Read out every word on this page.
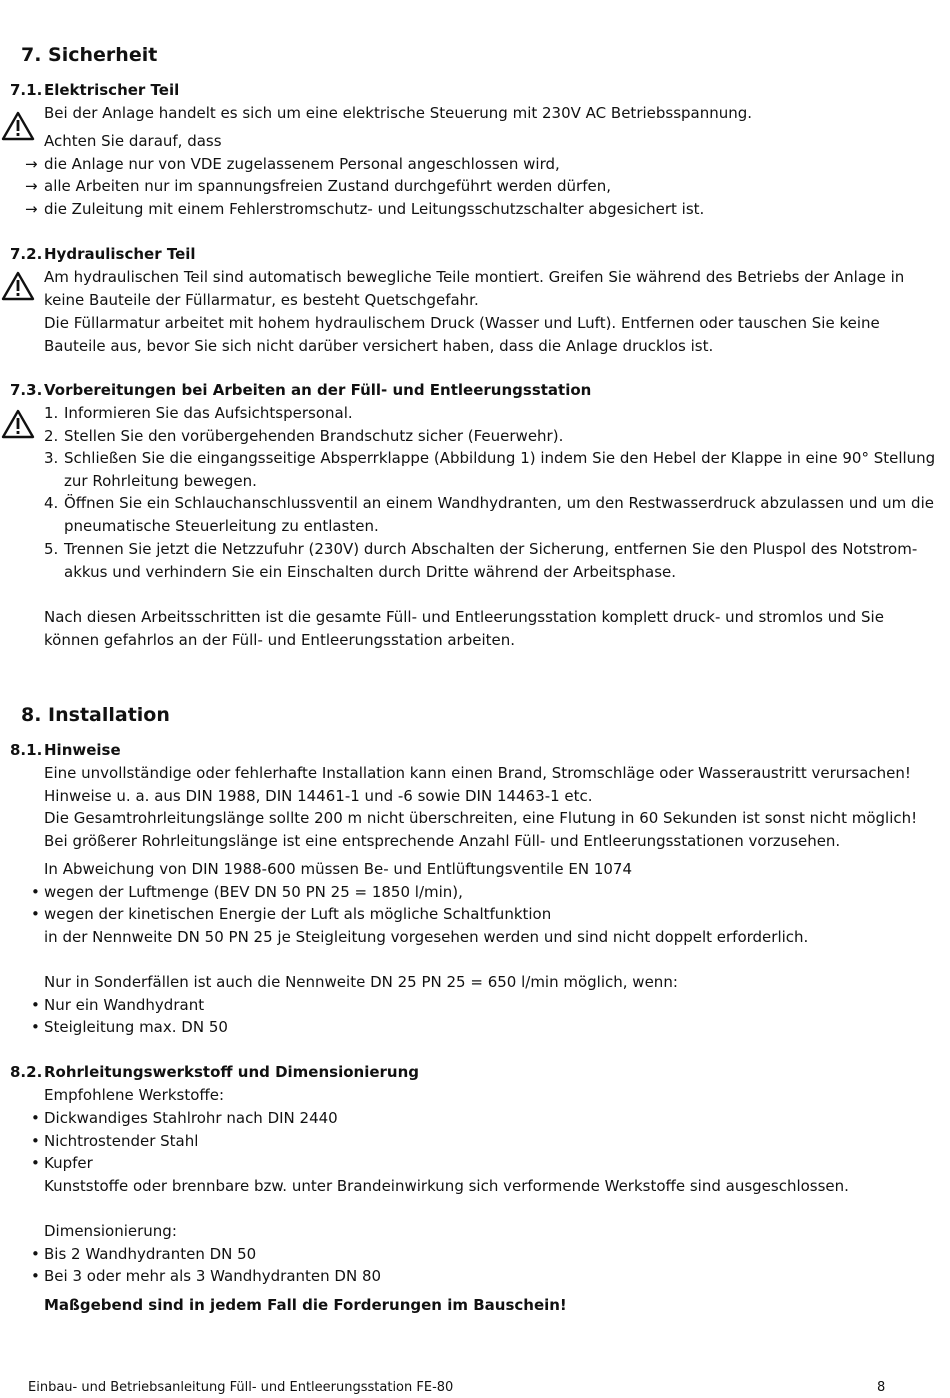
7. Sicherheit
7.1. Elektrischer Teil
Bei der Anlage handelt es sich um eine elektrische Steuerung mit 230V AC Betriebsspannung.
Achten Sie darauf, dass
→ die Anlage nur von VDE zugelassenem Personal angeschlossen wird,
→ alle Arbeiten nur im spannungsfreien Zustand durchgeführt werden dürfen,
→ die Zuleitung mit einem Fehlerstromschutz- und Leitungsschutzschalter abgesichert ist.
7.2. Hydraulischer Teil
Am hydraulischen Teil sind automatisch bewegliche Teile montiert. Greifen Sie während des Betriebs der Anlage in
keine Bauteile der Füllarmatur, es besteht Quetschgefahr.
Die Füllarmatur arbeitet mit hohem hydraulischem Druck (Wasser und Luft). Entfernen oder tauschen Sie keine
Bauteile aus, bevor Sie sich nicht darüber versichert haben, dass die Anlage drucklos ist.
7.3. Vorbereitungen bei Arbeiten an der Füll- und Entleerungsstation
1. Informieren Sie das Aufsichtspersonal.
2. Stellen Sie den vorübergehenden Brandschutz sicher (Feuerwehr).
3. Schließen Sie die eingangsseitige Absperrklappe (Abbildung 1) indem Sie den Hebel der Klappe in eine 90° Stellung
zur Rohrleitung bewegen.
4. Öffnen Sie ein Schlauchanschlussventil an einem Wandhydranten, um den Restwasserdruck abzulassen und um die
pneumatische Steuerleitung zu entlasten.
5. Trennen Sie jetzt die Netzzufuhr (230V) durch Abschalten der Sicherung, entfernen Sie den Pluspol des Notstrom-
akkus und verhindern Sie ein Einschalten durch Dritte während der Arbeitsphase.
Nach diesen Arbeitsschritten ist die gesamte Füll- und Entleerungsstation komplett druck- und stromlos und Sie
können gefahrlos an der Füll- und Entleerungsstation arbeiten.
8. Installation
8.1. Hinweise
Eine unvollständige oder fehlerhafte Installation kann einen Brand, Stromschläge oder Wasseraustritt verursachen!
Hinweise u. a. aus DIN 1988, DIN 14461-1 und -6 sowie DIN 14463-1 etc.
Die Gesamtrohrleitungslänge sollte 200 m nicht überschreiten, eine Flutung in 60 Sekunden ist sonst nicht möglich!
Bei größerer Rohrleitungslänge ist eine entsprechende Anzahl Füll- und Entleerungsstationen vorzusehen.
In Abweichung von DIN 1988-600 müssen Be- und Entlüftungsventile EN 1074
• wegen der Luftmenge (BEV DN 50 PN 25 = 1850 l/min),
• wegen der kinetischen Energie der Luft als mögliche Schaltfunktion
in der Nennweite DN 50 PN 25 je Steigleitung vorgesehen werden und sind nicht doppelt erforderlich.
Nur in Sonderfällen ist auch die Nennweite DN 25 PN 25 = 650 l/min möglich, wenn:
• Nur ein Wandhydrant
• Steigleitung max. DN 50
8.2. Rohrleitungswerkstoff und Dimensionierung
Empfohlene Werkstoffe:
• Dickwandiges Stahlrohr nach DIN 2440
• Nichtrostender Stahl
• Kupfer
Kunststoffe oder brennbare bzw. unter Brandeinwirkung sich verformende Werkstoffe sind ausgeschlossen.
Dimensionierung:
• Bis 2 Wandhydranten DN 50
• Bei 3 oder mehr als 3 Wandhydranten DN 80
Maßgebend sind in jedem Fall die Forderungen im Bauschein!
Einbau- und Betriebsanleitung Füll- und Entleerungsstation FE-80	8
